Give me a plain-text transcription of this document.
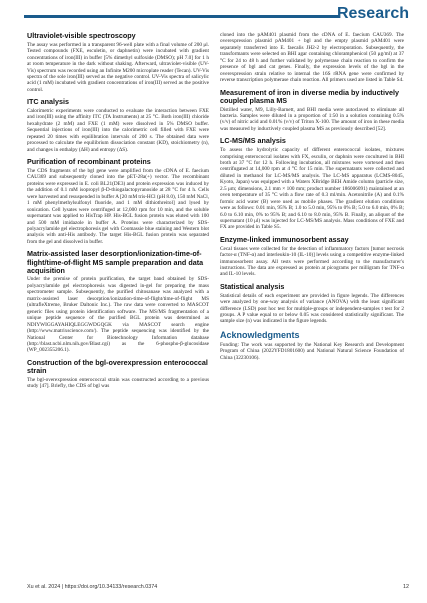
Research
Ultraviolet-visible spectroscopy

The assay was performed in a transparent 96-well plate with a final volume of 200 μl. Tested compounds (FXE, esculetin, or daphnetin) were incubated with gradient concentrations of iron(III) in buffer [5% dimethyl sulfoxide (DMSO); pH 7.0] for 1 h at room temperature in the dark without shaking. Afterward, ultraviolet-visible (UV-Vis) spectrum was recorded using an Infinite M200 microplate reader (Tecan). UV-Vis spectra of the sole iron(III) served as the negative control. UV-Vis spectra of salicylic acid (1 mM) incubated with gradient concentrations of iron(III) served as the positive control.

ITC analysis

Calorimetric experiments were conducted to evaluate the interaction between FXE and iron(III) using the affinity ITC (TA Instruments) at 25 °C. Both iron(III) chloride hexahydrate (2 mM) and FXE (1 mM) were dissolved in 5% DMSO buffer. Sequential injections of iron(III) into the calorimetric cell filled with FXE were repeated 20 times with equilibration intervals of 200 s. The obtained data were processed to calculate the equilibrium dissociation constant (KD), stoichiometry (n), and changes in enthalpy (ΔH) and entropy (ΔS).

Purification of recombinant proteins

The CDS fragments of the bgl gene were amplified from the cDNA of E. faecium CAU369 and subsequently cloned into the pET-28a(+) vector. The recombinant proteins were expressed in E. coli BL21(DE3) and protein expression was induced by the addition of 0.1 mM isopropyl β-D-thiogalactopyranoside at 28 °C for 4 h. Cells were harvested and resuspended in buffer A [20 mM tris-HCl (pH 8.0), 150 mM NaCl, 1 mM phenylmethylsulfonyl fluoride, and 1 mM dithiothreitol] and lysed by sonication. Cell lysates were centrifuged at 12,000 rpm for 10 min, and the soluble supernatant was applied to HisTrap HP. His-BGL fusion protein was eluted with 100 and 500 mM imidazole in buffer A. Proteins were characterized by SDS-polyacrylamide gel electrophoresis gel with Coomassie blue staining and Western blot analysis with anti-His antibody. The target His-BGL fusion protein was separated from the gel and dissolved in buffer.

Matrix-assisted laser desorption/ionization-time-of-flight/time-of-flight MS sample preparation and data acquisition

Under the premise of protein purification, the target band obtained by SDS-polyacrylamide gel electrophoresis was digested in-gel for preparing the mass spectrometer sample. Subsequently, the purified chitosanase was analyzed with a matrix-assisted laser desorption/ionization-time-of-flight/time-of-flight MS (ultrafleXtreme, Bruker Daltonic Inc.). The raw data were converted to MASCOT generic files using protein identification software. The MS/MS fragmentation of a unique peptide sequence of the purified BGL protein was determined as NDIYWIGGAYAHIQLEGGWDGQGK via MASCOT search engine (http://www.matrixscience.com/). The peptide sequencing was identified by the National Center for Biotechnology Information database (http://blast.ncbi.nlm.nih.gov/Blast.cgi) as the 6-phospho-β-glucosidase (WP_002355206.1).

Construction of the bgl-overexpression enterococcal strain

The bgl-overexpression enterococcal strain was constructed according to a previous study [47]. Briefly, the CDS of bgl was

cloned into the pAM401 plasmid from the cDNA of E. faecium CAU369. The overexpression plasmid pAM401 + bgl and the empty plasmid pAM401 were separately transferred into E. faecalis JH2-2 by electroporation. Subsequently, the transformants were selected on BHI agar containing chloramphenicol (50 μg/ml) at 37 °C for 24 to 48 h and further validated by polymerase chain reaction to confirm the presence of bgl and cat genes. Finally, the expression levels of the bgl in the overexpression strain relative to internal the 16S rRNA gene were confirmed by reverse transcription polymerase chain reaction. All primers used are listed in Table S4.

Measurement of iron in diverse media by inductively coupled plasma MS

Distilled water, M9, Lilly-Barnett, and BHI media were autoclaved to eliminate all bacteria. Samples were diluted in a proportion of 1:50 in a solution containing 0.5% (v/v) of nitric acid and 0.01% (v/v) of Triton X-100. The amount of iron in these media was measured by inductively coupled plasma MS as previously described [52].

LC-MS/MS analysis

To assess the hydrolytic capacity of different enterococcal isolates, mixtures comprising enterococcal isolates with FX, esculin, or daphnin were cocultured in BHI broth at 37 °C for 12 h. Following incubation, all mixtures were vortexed and then centrifugated at 14,000 rpm at 4 °C for 15 min. The supernatants were collected and diluted in methanol for LC-MS/MS analysis. The LC-MS apparatus (LCMS-8045, Kyoto, Japan) was equipped with a Waters XBridge BEH Amide column (particle size, 2.5 μm; dimensions, 2.1 mm × 100 mm; product number 186006091) maintained at an oven temperature of 35 °C with a flow rate of 0.3 ml/min. Acetonitrile (A) and 0.1% formic acid water (B) were used as mobile phases. The gradient elution conditions were as follows: 0.01 min, 95% B; 1.0 to 5.0 min, 95% to 0% B; 5.0 to 6.0 min, 0% B; 6.0 to 6.10 min, 0% to 95% B; and 6.10 to 8.0 min, 95% B. Finally, an aliquot of the supernatant (10 μl) was injected for LC-MS/MS analysis. Mass conditions of FXE and FX are provided in Table S5.

Enzyme-linked immunosorbent assay

Cecal tissues were collected for the detection of inflammatory factors [tumor necrosis factor-α (TNF-α) and interleukin-10 (IL-10)] levels using a competitive enzyme-linked immunosorbent assay. All tests were performed according to the manufacturer's instructions. The data are expressed as protein at picograms per milligram for TNF-α and IL-10 levels.

Statistical analysis

Statistical details of each experiment are provided in figure legends. The differences were analyzed by one-way analysis of variance (ANOVA) with the least significant difference (LSD) post hoc test for multiple-groups or independent-samples t test for 2 groups. A P value equal to or below 0.05 was considered statistically significant. The sample size (n) was indicated in the figure legends.

Acknowledgments

Funding: The work was supported by the National Key Research and Development Program of China (2022YFD1801600) and National Natural Science Foundation of China (32230106).

Xu et al. 2024 | https://doi.org/10.34133/research.0374	12
